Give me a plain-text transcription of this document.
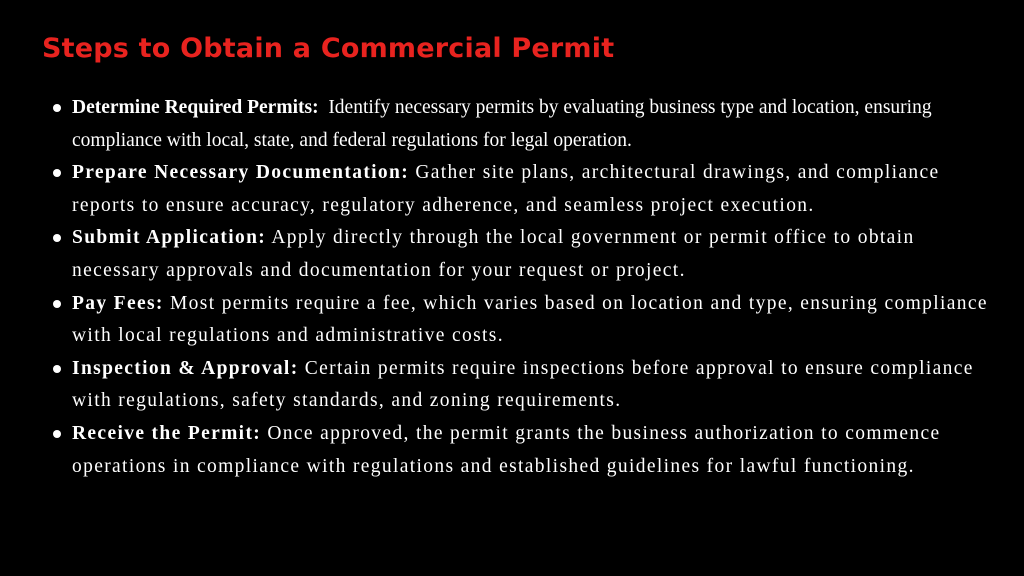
Steps to Obtain a Commercial Permit
Determine Required Permits: Identify necessary permits by evaluating business type and location, ensuring compliance with local, state, and federal regulations for legal operation.
Prepare Necessary Documentation: Gather site plans, architectural drawings, and compliance reports to ensure accuracy, regulatory adherence, and seamless project execution.
Submit Application: Apply directly through the local government or permit office to obtain necessary approvals and documentation for your request or project.
Pay Fees: Most permits require a fee, which varies based on location and type, ensuring compliance with local regulations and administrative costs.
Inspection & Approval: Certain permits require inspections before approval to ensure compliance with regulations, safety standards, and zoning requirements.
Receive the Permit: Once approved, the permit grants the business authorization to commence operations in compliance with regulations and established guidelines for lawful functioning.
